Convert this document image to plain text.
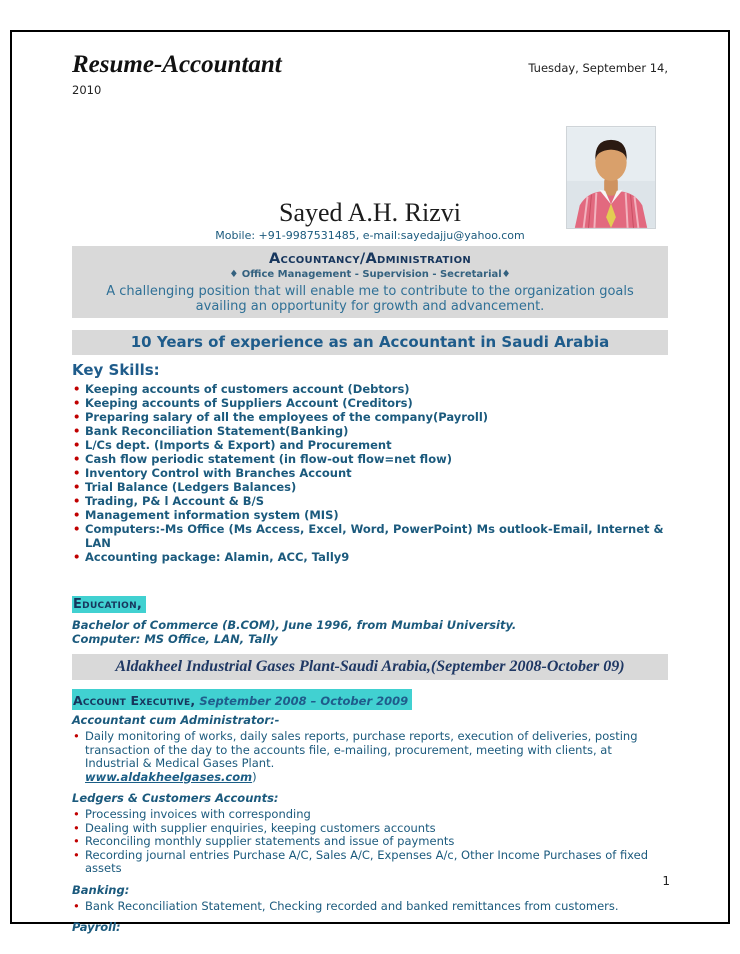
Resume-Accountant	Tuesday, September 14,
2010
Sayed A.H. Rizvi
Mobile: +91-9987531485, e-mail:sayedajju@yahoo.com
Accountancy/Administration
♦ Office Management - Supervision - Secretarial♦
A challenging position that will enable me to contribute to the organization goals availing an opportunity for growth and advancement.
10 Years of experience as an Accountant in Saudi Arabia
Key Skills:
• Keeping accounts of customers account (Debtors)
• Keeping accounts of Suppliers Account (Creditors)
• Preparing salary of all the employees of the company(Payroll)
• Bank Reconciliation Statement(Banking)
• L/Cs dept. (Imports & Export) and Procurement
• Cash flow periodic statement (in flow-out flow=net flow)
• Inventory Control with Branches Account
• Trial Balance (Ledgers Balances)
• Trading, P& l Account & B/S
• Management information system (MIS)
• Computers:-Ms Office (Ms Access, Excel, Word, PowerPoint) Ms outlook-Email, Internet & LAN
• Accounting package: Alamin, ACC, Tally9
Education,
Bachelor of Commerce (B.COM), June 1996, from Mumbai University.
Computer: MS Office, LAN, Tally
Aldakheel Industrial Gases Plant-Saudi Arabia,(September 2008-October 09)
Account Executive, September 2008 – October 2009
Accountant cum Administrator:-
• Daily monitoring of works, daily sales reports, purchase reports, execution of deliveries, posting transaction of the day to the accounts file, e-mailing, procurement, meeting with clients, at Industrial & Medical Gases Plant.
www.aldakheelgases.com)
Ledgers & Customers Accounts:
• Processing invoices with corresponding
• Dealing with supplier enquiries, keeping customers accounts
• Reconciling monthly supplier statements and issue of payments
• Recording journal entries Purchase A/C, Sales A/C, Expenses A/c, Other Income Purchases of fixed assets
Banking:
• Bank Reconciliation Statement, Checking recorded and banked remittances from customers.
Payroll:
1
